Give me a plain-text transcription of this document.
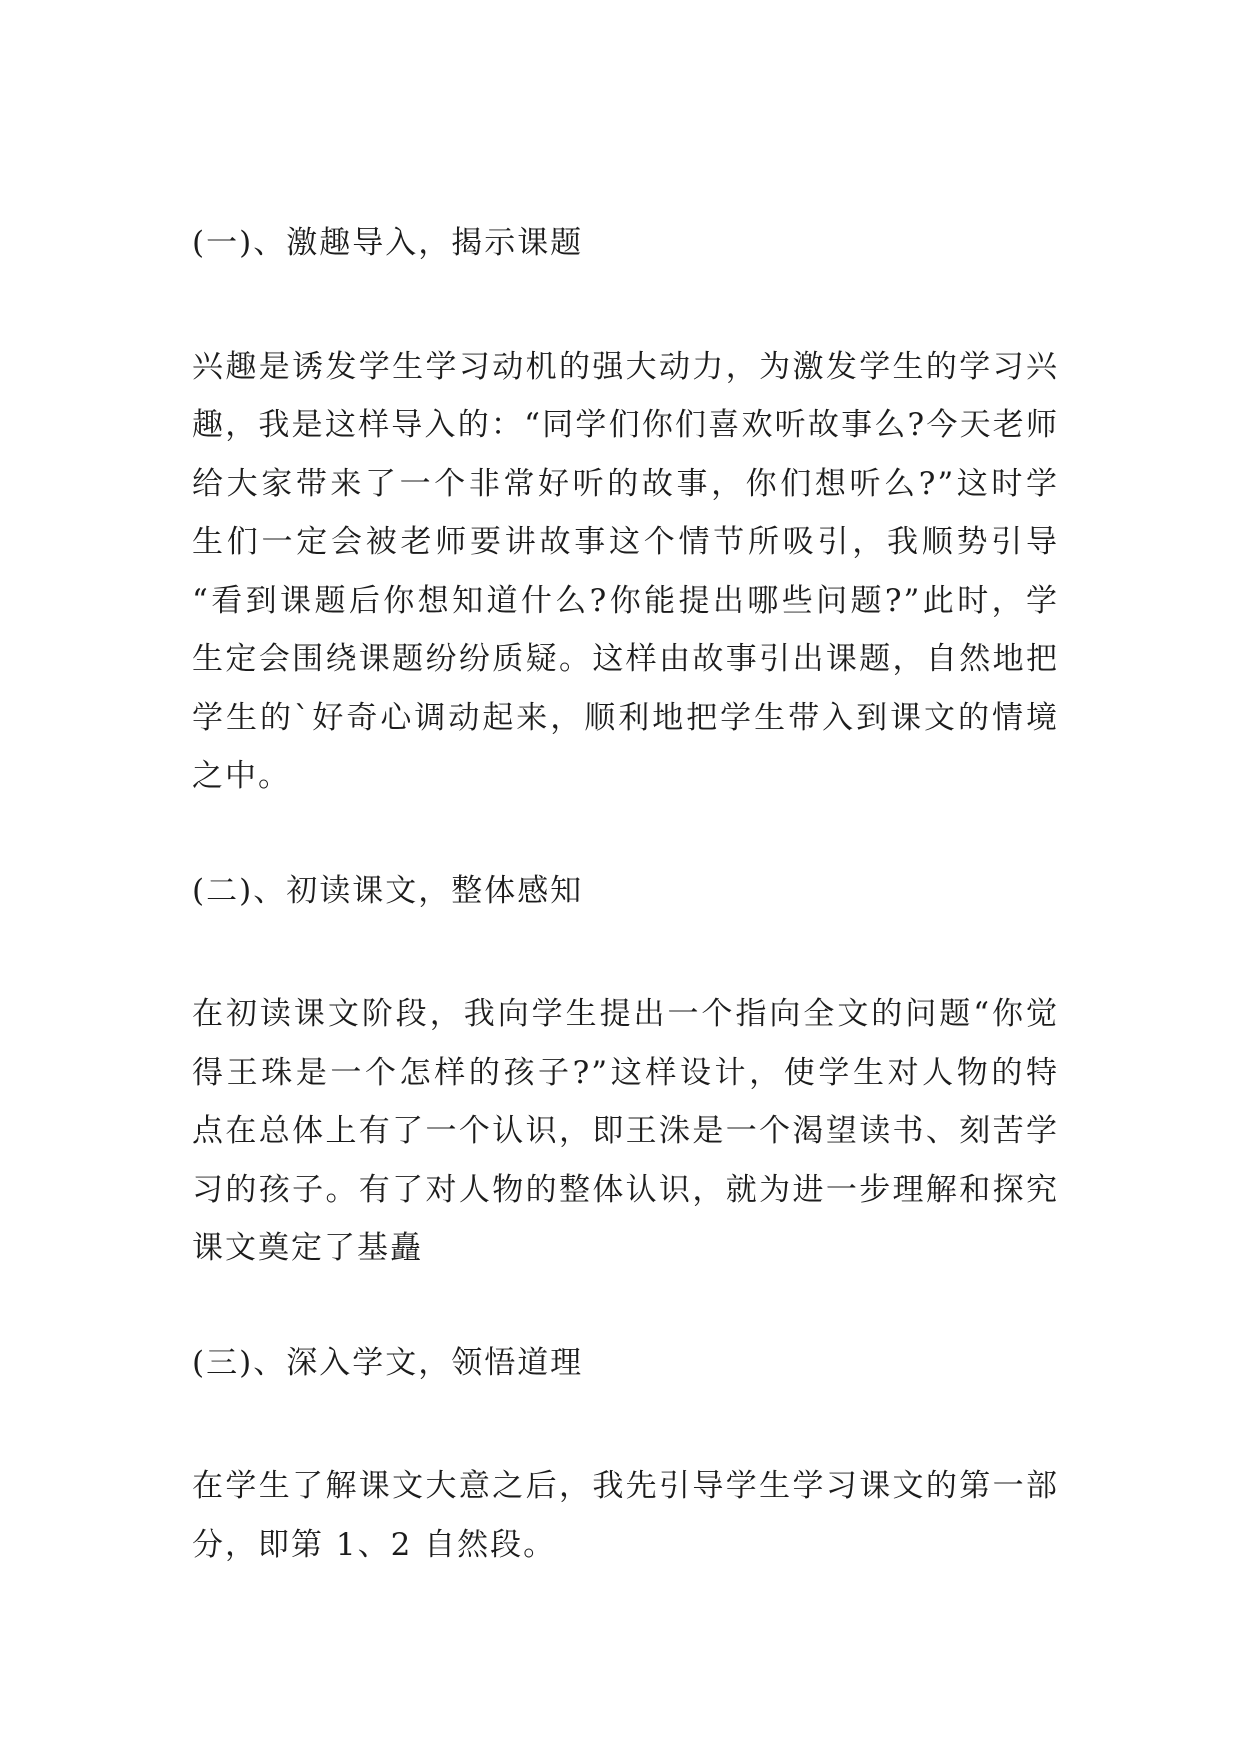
(一)、激趣导入，揭示课题
兴趣是诱发学生学习动机的强大动力，为激发学生的学习兴
趣，我是这样导入的：“同学们你们喜欢听故事么?今天老师
给大家带来了一个非常好听的故事，你们想听么?”这时学
生们一定会被老师要讲故事这个情节所吸引，我顺势引导
“看到课题后你想知道什么?你能提出哪些问题?”此时，学
生定会围绕课题纷纷质疑。这样由故事引出课题，自然地把
学生的`好奇心调动起来，顺利地把学生带入到课文的情境
之中。
(二)、初读课文，整体感知
在初读课文阶段，我向学生提出一个指向全文的问题“你觉
得王珠是一个怎样的孩子?”这样设计，使学生对人物的特
点在总体上有了一个认识，即王洙是一个渴望读书、刻苦学
习的孩子。有了对人物的整体认识，就为进一步理解和探究
课文奠定了基矗
(三)、深入学文，领悟道理
在学生了解课文大意之后，我先引导学生学习课文的第一部
分，即第 1、2 自然段。
